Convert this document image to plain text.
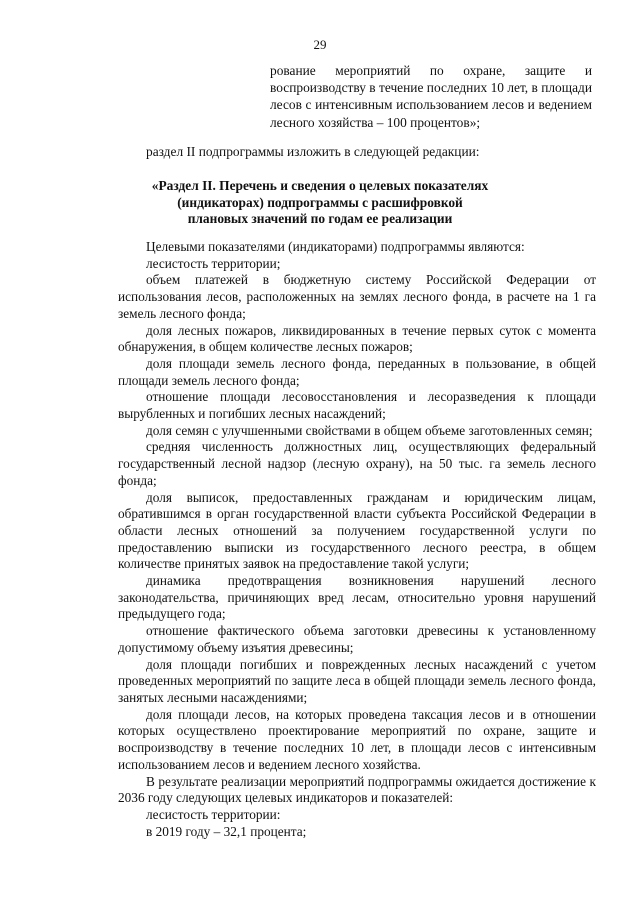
29
рование мероприятий по охране, защите и воспроизводству в течение последних 10 лет, в площади лесов с интенсивным использованием лесов и ведением лесного хозяйства – 100 процентов»;
раздел II подпрограммы изложить в следующей редакции:
«Раздел II. Перечень и сведения о целевых показателях
(индикаторах) подпрограммы с расшифровкой
плановых значений по годам ее реализации

Целевыми показателями (индикаторами) подпрограммы являются:

лесистость территории;

объем платежей в бюджетную систему Российской Федерации от использования лесов, расположенных на землях лесного фонда, в расчете на 1 га земель лесного фонда;

доля лесных пожаров, ликвидированных в течение первых суток с момента обнаружения, в общем количестве лесных пожаров;

доля площади земель лесного фонда, переданных в пользование, в общей площади земель лесного фонда;

отношение площади лесовосстановления и лесоразведения к площади вырубленных и погибших лесных насаждений;

доля семян с улучшенными свойствами в общем объеме заготовленных семян;

средняя численность должностных лиц, осуществляющих федеральный государственный лесной надзор (лесную охрану), на 50 тыс. га земель лесного фонда;

доля выписок, предоставленных гражданам и юридическим лицам, обратившимся в орган государственной власти субъекта Российской Федерации в области лесных отношений за получением государственной услуги по предоставлению выписки из государственного лесного реестра, в общем количестве принятых заявок на предоставление такой услуги;

динамика предотвращения возникновения нарушений лесного законодательства, причиняющих вред лесам, относительно уровня нарушений предыдущего года;

отношение фактического объема заготовки древесины к установленному допустимому объему изъятия древесины;

доля площади погибших и поврежденных лесных насаждений с учетом проведенных мероприятий по защите леса в общей площади земель лесного фонда, занятых лесными насаждениями;

доля площади лесов, на которых проведена таксация лесов и в отношении которых осуществлено проектирование мероприятий по охране, защите и воспроизводству в течение последних 10 лет, в площади лесов с интенсивным использованием лесов и ведением лесного хозяйства.

В результате реализации мероприятий подпрограммы ожидается достижение к 2036 году следующих целевых индикаторов и показателей:

лесистость территории:

в 2019 году – 32,1 процента;
